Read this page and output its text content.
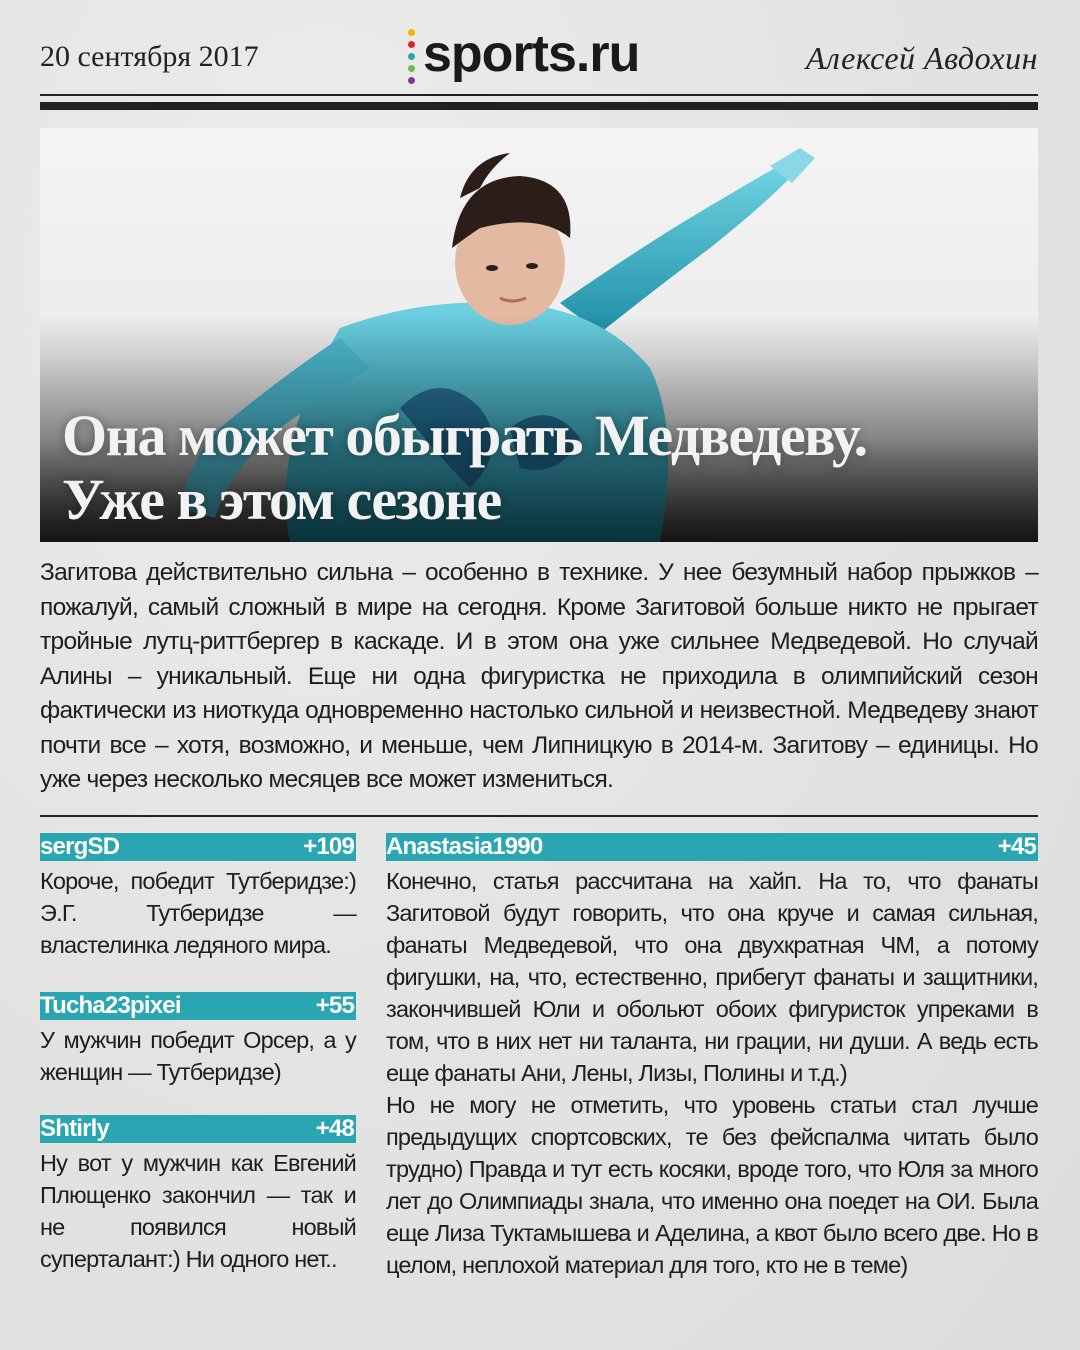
20 сентября 2017	sports.ru	Алексей Авдохин
Она может обыграть Медведеву.
Уже в этом сезоне
Загитова действительно сильна – особенно в технике. У нее безумный набор прыжков – пожалуй, самый сложный в мире на сегодня. Кроме Загитовой больше никто не прыгает тройные лутц-риттбергер в каскаде. И в этом она уже сильнее Медведевой. Но случай Алины – уникальный. Еще ни одна фигуристка не приходила в олимпийский сезон фактически из ниоткуда одновременно настолько сильной и неизвестной. Медведеву знают почти все – хотя, возможно, и меньше, чем Липницкую в 2014-м. Загитову – единицы. Но уже через несколько месяцев все может измениться.
sergSD	+109
Короче, победит Тутберидзе:) Э.Г. Тутберидзе — властелинка ледяного мира.
Tucha23pixei	+55
У мужчин победит Орсер, а у женщин — Тутберидзе)
Shtirly	+48
Ну вот у мужчин как Евгений Плющенко закончил — так и не появился новый суперталант:) Ни одного нет..
Anastasia1990	+45

Конечно, статья рассчитана на хайп. На то, что фанаты Загитовой будут говорить, что она круче и самая сильная, фанаты Медведевой, что она двухкратная ЧМ, а потому фигушки, на, что, естественно, прибегут фанаты и защитники, закончившей Юли и обольют обоих фигуристок упреками в том, что в них нет ни таланта, ни грации, ни души. А ведь есть еще фанаты Ани, Лены, Лизы, Полины и т.д.)

Но не могу не отметить, что уровень статьи стал лучше предыдущих спортсовских, те без фейспалма читать было трудно) Правда и тут есть косяки, вроде того, что Юля за много лет до Олимпиады знала, что именно она поедет на ОИ. Была еще Лиза Туктамышева и Аделина, а квот было всего две. Но в целом, неплохой материал для того, кто не в теме)
